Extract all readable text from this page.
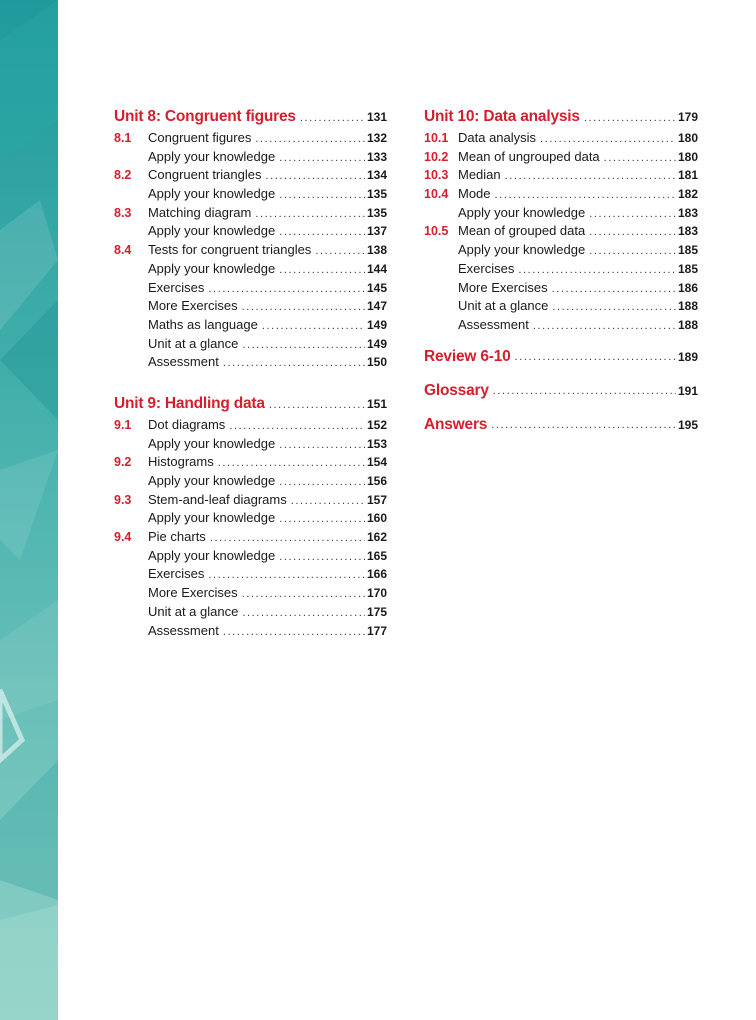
Unit 8: Congruent figures .....	131
8.1	Congruent figures .....	132
Apply your knowledge .....	133
8.2	Congruent triangles .....	134
Apply your knowledge .....	135
8.3	Matching diagram .....	135
Apply your knowledge .....	137
8.4	Tests for congruent triangles .....	138
Apply your knowledge .....	144
Exercises .....	145
More Exercises .....	147
Maths as language .....	149
Unit at a glance .....	149
Assessment .....	150
Unit 9: Handling data .....	151
9.1	Dot diagrams .....	152
Apply your knowledge .....	153
9.2	Histograms .....	154
Apply your knowledge .....	156
9.3	Stem-and-leaf diagrams .....	157
Apply your knowledge .....	160
9.4	Pie charts .....	162
Apply your knowledge .....	165
Exercises .....	166
More Exercises .....	170
Unit at a glance .....	175
Assessment .....	177
Unit 10: Data analysis .....	179
10.1 Data analysis .....	180
10.2 Mean of ungrouped data .....	180
10.3 Median .....	181
10.4 Mode .....	182
Apply your knowledge .....	183
10.5 Mean of grouped data .....	183
Apply your knowledge .....	185
Exercises .....	185
More Exercises .....	186
Unit at a glance .....	188
Assessment .....	188
Review 6-10 .....	189
Glossary .....	191
Answers .....	195
